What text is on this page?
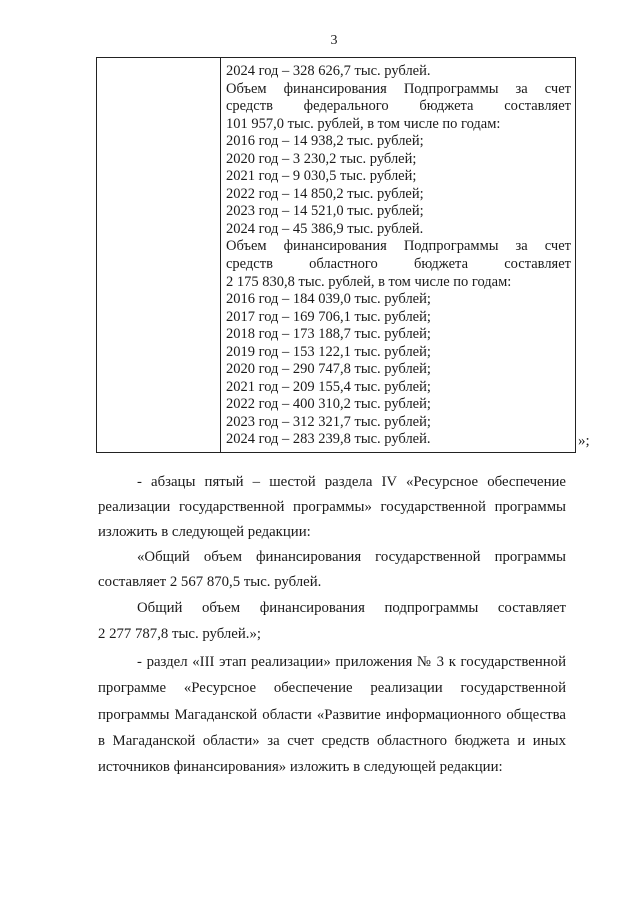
3
2024 год – 328 626,7 тыс. рублей.
Объем финансирования Подпрограммы за счет
средств федерального бюджета составляет
101 957,0 тыс. рублей, в том числе по годам:
2016 год – 14 938,2 тыс. рублей;
2020 год – 3 230,2 тыс. рублей;
2021 год – 9 030,5 тыс. рублей;
2022 год – 14 850,2 тыс. рублей;
2023 год – 14 521,0 тыс. рублей;
2024 год – 45 386,9 тыс. рублей.
Объем финансирования Подпрограммы за счет
средств областного бюджета составляет
2 175 830,8 тыс. рублей, в том числе по годам:
2016 год – 184 039,0 тыс. рублей;
2017 год – 169 706,1 тыс. рублей;
2018 год – 173 188,7 тыс. рублей;
2019 год – 153 122,1 тыс. рублей;
2020 год – 290 747,8 тыс. рублей;
2021 год – 209 155,4 тыс. рублей;
2022 год – 400 310,2 тыс. рублей;
2023 год – 312 321,7 тыс. рублей;
2024 год – 283 239,8 тыс. рублей.	»;
- абзацы пятый – шестой раздела IV «Ресурсное обеспечение
реализации государственной программы» государственной программы
изложить в следующей редакции:
«Общий объем финансирования государственной программы
составляет 2 567 870,5 тыс. рублей.
Общий объем финансирования подпрограммы составляет
2 277 787,8 тыс. рублей.»;
- раздел «III этап реализации» приложения № 3 к государственной
программе «Ресурсное обеспечение реализации государственной
программы Магаданской области «Развитие информационного общества
в Магаданской области» за счет средств областного бюджета и иных
источников финансирования» изложить в следующей редакции:
